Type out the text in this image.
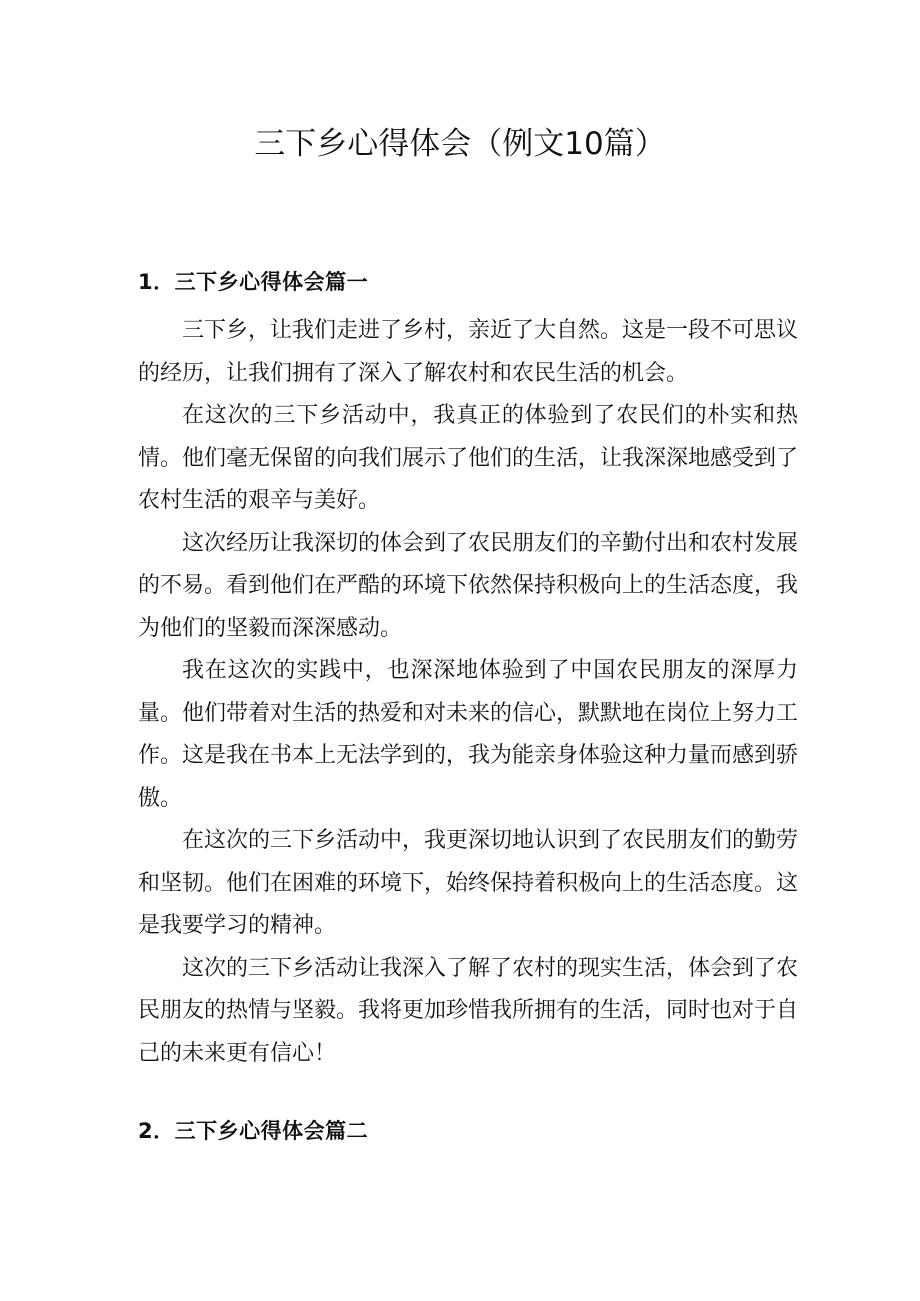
三下乡心得体会（例文10篇）
1．三下乡心得体会篇一

三下乡，让我们走进了乡村，亲近了大自然。这是一段不可思议的经历，让我们拥有了深入了解农村和农民生活的机会。

在这次的三下乡活动中，我真正的体验到了农民们的朴实和热情。他们毫无保留的向我们展示了他们的生活，让我深深地感受到了农村生活的艰辛与美好。

这次经历让我深切的体会到了农民朋友们的辛勤付出和农村发展的不易。看到他们在严酷的环境下依然保持积极向上的生活态度，我为他们的坚毅而深深感动。

我在这次的实践中，也深深地体验到了中国农民朋友的深厚力量。他们带着对生活的热爱和对未来的信心，默默地在岗位上努力工作。这是我在书本上无法学到的，我为能亲身体验这种力量而感到骄傲。

在这次的三下乡活动中，我更深切地认识到了农民朋友们的勤劳和坚韧。他们在困难的环境下，始终保持着积极向上的生活态度。这是我要学习的精神。

这次的三下乡活动让我深入了解了农村的现实生活，体会到了农民朋友的热情与坚毅。我将更加珍惜我所拥有的生活，同时也对于自己的未来更有信心！

2．三下乡心得体会篇二
